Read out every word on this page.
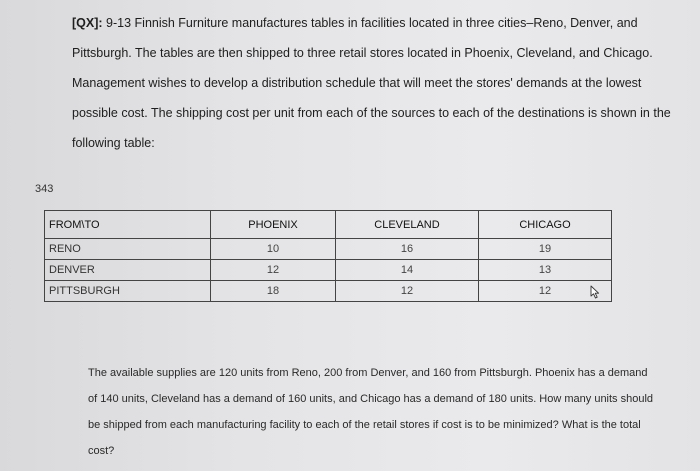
[QX]: 9-13 Finnish Furniture manufactures tables in facilities located in three cities–Reno, Denver, and Pittsburgh. The tables are then shipped to three retail stores located in Phoenix, Cleveland, and Chicago. Management wishes to develop a distribution schedule that will meet the stores' demands at the lowest possible cost. The shipping cost per unit from each of the sources to each of the destinations is shown in the following table:
343
FROM\TO	PHOENIX	CLEVELAND	CHICAGO
RENO	10	16	19
DENVER	12	14	13
PITTSBURGH	18	12	12
The available supplies are 120 units from Reno, 200 from Denver, and 160 from Pittsburgh. Phoenix has a demand of 140 units, Cleveland has a demand of 160 units, and Chicago has a demand of 180 units. How many units should be shipped from each manufacturing facility to each of the retail stores if cost is to be minimized? What is the total cost?
